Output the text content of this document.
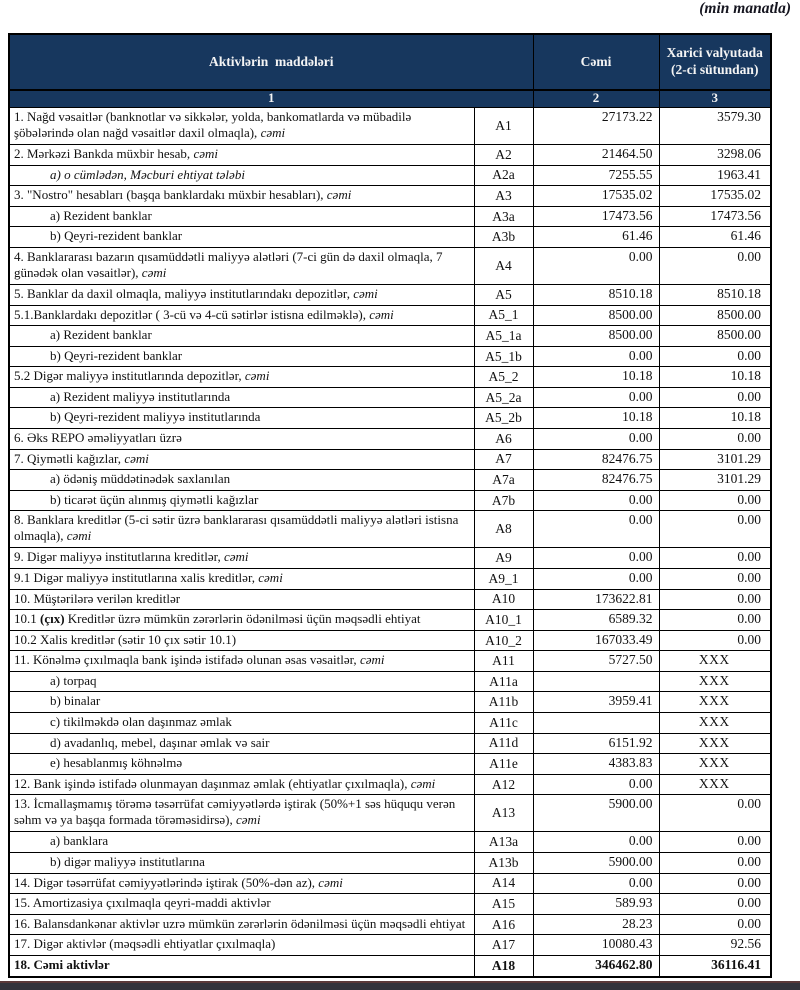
(min manatla)
Aktivlərin  maddələri		Cəmi	Xarici valyutada (2-ci sütundan)
1		2	3
1. Nağd vəsaitlər (banknotlar və sikkələr, yolda, bankomatlarda və mübadilə şöbələrində olan nağd vəsaitlər daxil olmaqla), cəmi	A1	27173.22	3579.30
2. Mərkəzi Bankda müxbir hesab, cəmi	A2	21464.50	3298.06
a) o cümlədən, Məcburi ehtiyat tələbi	A2a	7255.55	1963.41
3. "Nostro" hesabları (başqa banklardakı müxbir hesabları), cəmi	A3	17535.02	17535.02
a) Rezident banklar	A3a	17473.56	17473.56
b) Qeyri-rezident banklar	A3b	61.46	61.46
4. Banklararası bazarın qısamüddətli maliyyə alətləri (7-ci gün də daxil olmaqla, 7 günədək olan vəsaitlər), cəmi	A4	0.00	0.00
5. Banklar da daxil olmaqla, maliyyə institutlarındakı depozitlər, cəmi	A5	8510.18	8510.18
5.1.Banklardakı depozitlər ( 3-cü və 4-cü sətirlər istisna edilməklə), cəmi	A5_1	8500.00	8500.00
a) Rezident banklar	A5_1a	8500.00	8500.00
b) Qeyri-rezident banklar	A5_1b	0.00	0.00
5.2 Digər maliyyə institutlarında depozitlər, cəmi	A5_2	10.18	10.18
a) Rezident maliyyə institutlarında	A5_2a	0.00	0.00
b) Qeyri-rezident maliyyə institutlarında	A5_2b	10.18	10.18
6. Əks REPO əməliyyatları üzrə	A6	0.00	0.00
7. Qiymətli kağızlar, cəmi	A7	82476.75	3101.29
a) ödəniş müddətinədək saxlanılan	A7a	82476.75	3101.29
b) ticarət üçün alınmış qiymətli kağızlar	A7b	0.00	0.00
8. Banklara kreditlər (5-ci sətir üzrə banklararası qısamüddətli maliyyə alətləri istisna olmaqla), cəmi	A8	0.00	0.00
9. Digər maliyyə institutlarına kreditlər, cəmi	A9	0.00	0.00
9.1 Digər maliyyə institutlarına xalis kreditlər, cəmi	A9_1	0.00	0.00
10. Müştərilərə verilən kreditlər	A10	173622.81	0.00
10.1 (çıx) Kreditlər üzrə mümkün zərərlərin ödənilməsi üçün məqsədli ehtiyat	A10_1	6589.32	0.00
10.2 Xalis kreditlər (sətir 10 çıx sətir 10.1)	A10_2	167033.49	0.00
11. Könəlmə çıxılmaqla bank işində istifadə olunan əsas vəsaitlər, cəmi	A11	5727.50	XXX
a) torpaq	A11a		XXX
b) binalar	A11b	3959.41	XXX
c) tikilməkdə olan daşınmaz əmlak	A11c		XXX
d) avadanlıq, mebel, daşınar əmlak və sair	A11d	6151.92	XXX
e) hesablanmış köhnəlmə	A11e	4383.83	XXX
12. Bank işində istifadə olunmayan daşınmaz əmlak (ehtiyatlar çıxılmaqla), cəmi	A12	0.00	XXX
13. İcmallaşmamış törəmə təsərrüfat cəmiyyətlərdə iştirak (50%+1 səs hüququ verən səhm və ya başqa formada törəməsidirsə), cəmi	A13	5900.00	0.00
a) banklara	A13a	0.00	0.00
b) digər maliyyə institutlarına	A13b	5900.00	0.00
14. Digər təsərrüfat cəmiyyətlərində iştirak (50%-dən az), cəmi	A14	0.00	0.00
15. Amortizasiya çıxılmaqla qeyri-maddi aktivlər	A15	589.93	0.00
16. Balansdankənar aktivlər uzrə mümkün zərərlərin ödənilməsi üçün məqsədli ehtiyat	A16	28.23	0.00
17. Digər aktivlər (məqsədli ehtiyatlar çıxılmaqla)	A17	10080.43	92.56
18. Cəmi aktivlər	A18	346462.80	36116.41
